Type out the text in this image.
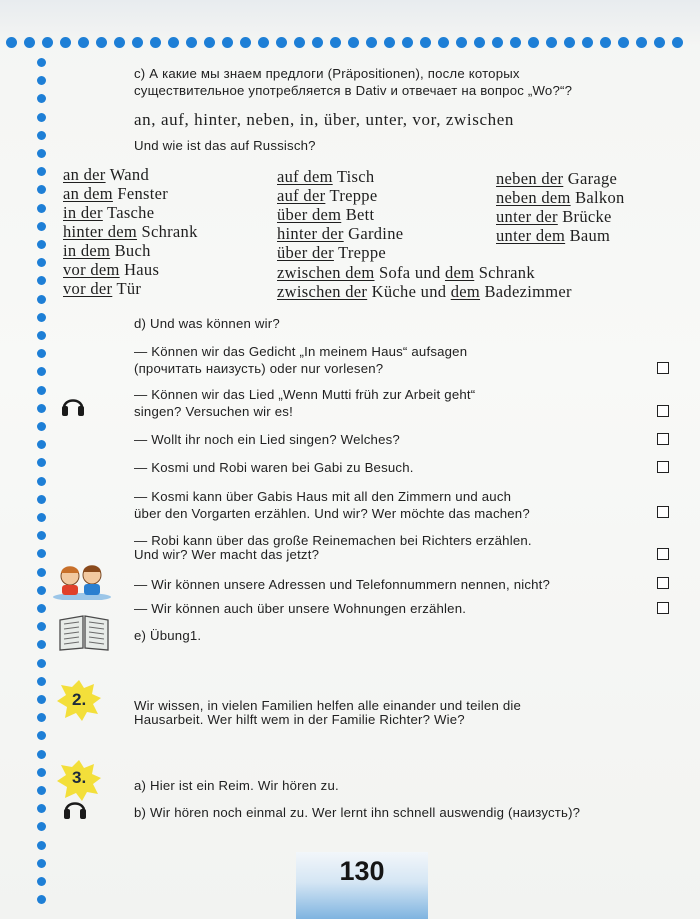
c) А какие мы знаем предлоги (Präpositionen), после которых
существительное употребляется в Dativ и отвечает на вопрос „Wo?“?
an, auf, hinter, neben, in, über, unter, vor, zwischen
Und wie ist das auf Russisch?
an der Wand
an dem Fenster
in der Tasche
hinter dem Schrank
in dem Buch
vor dem Haus
vor der Tür
auf dem Tisch
auf der Treppe
über dem Bett
hinter der Gardine
über der Treppe
neben der Garage
neben dem Balkon
unter der Brücke
unter dem Baum
zwischen dem Sofa und dem Schrank
zwischen der Küche und dem Badezimmer
d) Und was können wir?
— Können wir das Gedicht „In meinem Haus“ aufsagen
(прочитать наизусть) oder nur vorlesen?
— Können wir das Lied „Wenn Mutti früh zur Arbeit geht“
singen? Versuchen wir es!
— Wollt ihr noch ein Lied singen? Welches?
— Kosmi und Robi waren bei Gabi zu Besuch.
— Kosmi kann über Gabis Haus mit all den Zimmern und auch
über den Vorgarten erzählen. Und wir? Wer möchte das machen?
— Robi kann über das große Reinemachen bei Richters erzählen.
Und wir? Wer macht das jetzt?
— Wir können unsere Adressen und Telefonnummern nennen, nicht?
— Wir können auch über unsere Wohnungen erzählen.
e) Übung1.
2.	Wir wissen, in vielen Familien helfen alle einander und teilen die
Hausarbeit. Wer hilft wem in der Familie Richter? Wie?
3.	a) Hier ist ein Reim. Wir hören zu.
b) Wir hören noch einmal zu. Wer lernt ihn schnell auswendig (наизусть)?
130
